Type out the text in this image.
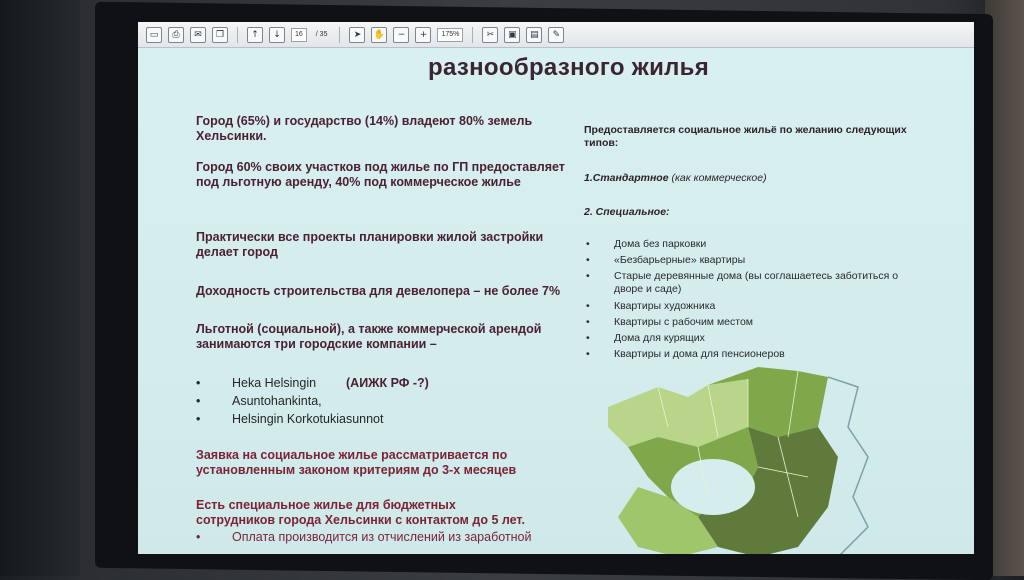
▭	⎙	✉	❐	↑	↓	16	/ 35	➤	✋	−	+	175%	✂	▣	▤	✎
разнообразного жилья

Город (65%) и государство (14%) владеют 80% земель Хельсинки.

Город 60% своих участков под жилье по ГП предоставляет под льготную аренду, 40% под коммерческое жилье

Практически все проекты планировки жилой застройки делает город

Доходность строительства для девелопера – не более 7%

Льготной (социальной), а также коммерческой арендой занимаются три городские компании –

•	Heka Helsingin (АИЖК РФ -?)
•	Asuntohankinta,
•	Helsingin Korkotukiasunnot

Заявка на социальное жилье рассматривается по установленным законом критериям до 3-х месяцев

Есть специальное жилье для бюджетных сотрудников города Хельсинки с контактом до 5 лет.

•	Оплата производится из отчислений из заработной
Предоставляется социальное жильё по желанию следующих типов:
1.Стандартное (как коммерческое)
2. Специальное:
• Дома без парковки
• «Безбарьерные» квартиры
• Старые деревянные дома (вы соглашаетесь заботиться о дворе и саде)
• Квартиры художника
• Квартиры с рабочим местом
• Дома для курящих
• Квартиры и дома для пенсионеров
